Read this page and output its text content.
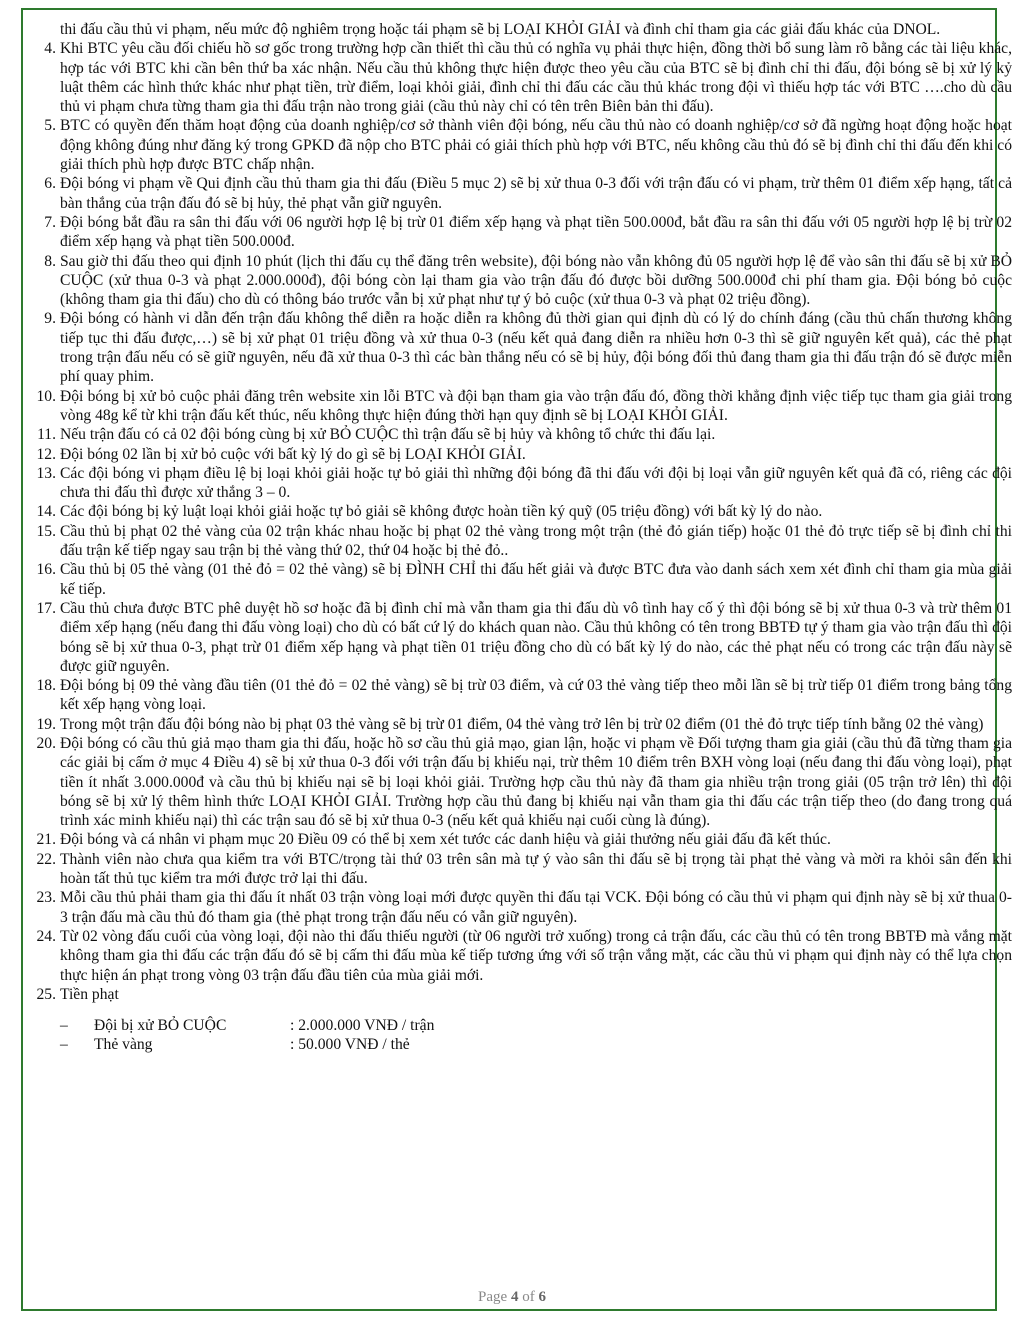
thi đấu cầu thủ vi phạm, nếu mức độ nghiêm trọng hoặc tái phạm sẽ bị LOẠI KHỎI GIẢI và đình chỉ tham gia các giải đấu khác của DNOL.
4. Khi BTC yêu cầu đối chiếu hồ sơ gốc trong trường hợp cần thiết thì cầu thủ có nghĩa vụ phải thực hiện, đồng thời bổ sung làm rõ bằng các tài liệu khác, hợp tác với BTC khi cần bên thứ ba xác nhận. Nếu cầu thủ không thực hiện được theo yêu cầu của BTC sẽ bị đình chỉ thi đấu, đội bóng sẽ bị xử lý kỷ luật thêm các hình thức khác như phạt tiền, trừ điểm, loại khỏi giải, đình chỉ thi đấu các cầu thủ khác trong đội vì thiếu hợp tác với BTC ….cho dù cầu thủ vi phạm chưa từng tham gia thi đấu trận nào trong giải (cầu thủ này chỉ có tên trên Biên bản thi đấu).
5. BTC có quyền đến thăm hoạt động của doanh nghiệp/cơ sở thành viên đội bóng, nếu cầu thủ nào có doanh nghiệp/cơ sở đã ngừng hoạt động hoặc hoạt động không đúng như đăng ký trong GPKD đã nộp cho BTC phải có giải thích phù hợp với BTC, nếu không cầu thủ đó sẽ bị đình chỉ thi đấu đến khi có giải thích phù hợp được BTC chấp nhận.
6. Đội bóng vi phạm về Qui định cầu thủ tham gia thi đấu (Điều 5 mục 2) sẽ bị xử thua 0-3 đối với trận đấu có vi phạm, trừ thêm 01 điểm xếp hạng, tất cả bàn thắng của trận đấu đó sẽ bị hủy, thẻ phạt vẫn giữ nguyên.
7. Đội bóng bắt đầu ra sân thi đấu với 06 người hợp lệ bị trừ 01 điểm xếp hạng và phạt tiền 500.000đ, bắt đầu ra sân thi đấu với 05 người hợp lệ bị trừ 02 điểm xếp hạng và phạt tiền 500.000đ.
8. Sau giờ thi đấu theo qui định 10 phút (lịch thi đấu cụ thể đăng trên website), đội bóng nào vẫn không đủ 05 người hợp lệ để vào sân thi đấu sẽ bị xử BỎ CUỘC (xử thua 0-3 và phạt 2.000.000đ), đội bóng còn lại tham gia vào trận đấu đó được bồi dưỡng 500.000đ chi phí tham gia. Đội bóng bỏ cuộc (không tham gia thi đấu) cho dù có thông báo trước vẫn bị xử phạt như tự ý bỏ cuộc (xử thua 0-3 và phạt 02 triệu đồng).
9. Đội bóng có hành vi dẫn đến trận đấu không thể diễn ra hoặc diễn ra không đủ thời gian qui định dù có lý do chính đáng (cầu thủ chấn thương không tiếp tục thi đấu được,…) sẽ bị xử phạt 01 triệu đồng và xử thua 0-3 (nếu kết quả đang diễn ra nhiều hơn 0-3 thì sẽ giữ nguyên kết quả), các thẻ phạt trong trận đấu nếu có sẽ giữ nguyên, nếu đã xử thua 0-3 thì các bàn thắng nếu có sẽ bị hủy, đội bóng đối thủ đang tham gia thi đấu trận đó sẽ được miễn phí quay phim.
10. Đội bóng bị xử bỏ cuộc phải đăng trên website xin lỗi BTC và đội bạn tham gia vào trận đấu đó, đồng thời khẳng định việc tiếp tục tham gia giải trong vòng 48g kể từ khi trận đấu kết thúc, nếu không thực hiện đúng thời hạn quy định sẽ bị LOẠI KHỎI GIẢI.
11. Nếu trận đấu có cả 02 đội bóng cùng bị xử BỎ CUỘC thì trận đấu sẽ bị hủy và không tổ chức thi đấu lại.
12. Đội bóng 02 lần bị xử bỏ cuộc với bất kỳ lý do gì sẽ bị LOẠI KHỎI GIẢI.
13. Các đội bóng vi phạm điều lệ bị loại khỏi giải hoặc tự bỏ giải thì những đội bóng đã thi đấu với đội bị loại vẫn giữ nguyên kết quả đã có, riêng các đội chưa thi đấu thì được xử thắng 3 – 0.
14. Các đội bóng bị kỷ luật loại khỏi giải hoặc tự bỏ giải sẽ không được hoàn tiền ký quỹ (05 triệu đồng) với bất kỳ lý do nào.
15. Cầu thủ bị phạt 02 thẻ vàng của 02 trận khác nhau hoặc bị phạt 02 thẻ vàng trong một trận (thẻ đỏ gián tiếp) hoặc 01 thẻ đỏ trực tiếp sẽ bị đình chỉ thi đấu trận kế tiếp ngay sau trận bị thẻ vàng thứ 02, thứ 04 hoặc bị thẻ đỏ..
16. Cầu thủ bị 05 thẻ vàng (01 thẻ đỏ = 02 thẻ vàng) sẽ bị ĐÌNH CHỈ thi đấu hết giải và được BTC đưa vào danh sách xem xét đình chỉ tham gia mùa giải kế tiếp.
17. Cầu thủ chưa được BTC phê duyệt hồ sơ hoặc đã bị đình chỉ mà vẫn tham gia thi đấu dù vô tình hay cố ý thì đội bóng sẽ bị xử thua 0-3 và trừ thêm 01 điểm xếp hạng (nếu đang thi đấu vòng loại) cho dù có bất cứ lý do khách quan nào. Cầu thủ không có tên trong BBTĐ tự ý tham gia vào trận đấu thì đội bóng sẽ bị xử thua 0-3, phạt trừ 01 điểm xếp hạng và phạt tiền 01 triệu đồng cho dù có bất kỳ lý do nào, các thẻ phạt nếu có trong các trận đấu này sẽ được giữ nguyên.
18. Đội bóng bị 09 thẻ vàng đầu tiên (01 thẻ đỏ = 02 thẻ vàng) sẽ bị trừ 03 điểm, và cứ 03 thẻ vàng tiếp theo mỗi lần sẽ bị trừ tiếp 01 điểm trong bảng tổng kết xếp hạng vòng loại.
19. Trong một trận đấu đội bóng nào bị phạt 03 thẻ vàng sẽ bị trừ 01 điểm, 04 thẻ vàng trở lên bị trừ 02 điểm (01 thẻ đỏ trực tiếp tính bằng 02 thẻ vàng)
20. Đội bóng có cầu thủ giả mạo tham gia thi đấu, hoặc hồ sơ cầu thủ giả mạo, gian lận, hoặc vi phạm về Đối tượng tham gia giải (cầu thủ đã từng tham gia các giải bị cấm ở mục 4 Điều 4) sẽ bị xử thua 0-3 đối với trận đấu bị khiếu nại, trừ thêm 10 điểm trên BXH vòng loại (nếu đang thi đấu vòng loại), phạt tiền ít nhất 3.000.000đ và cầu thủ bị khiếu nại sẽ bị loại khỏi giải. Trường hợp cầu thủ này đã tham gia nhiều trận trong giải (05 trận trở lên) thì đội bóng sẽ bị xử lý thêm hình thức LOẠI KHỎI GIẢI. Trường hợp cầu thủ đang bị khiếu nại vẫn tham gia thi đấu các trận tiếp theo (do đang trong quá trình xác minh khiếu nại) thì các trận sau đó sẽ bị xử thua 0-3 (nếu kết quả khiếu nại cuối cùng là đúng).
21. Đội bóng và cá nhân vi phạm mục 20 Điều 09 có thể bị xem xét tước các danh hiệu và giải thưởng nếu giải đấu đã kết thúc.
22. Thành viên nào chưa qua kiểm tra với BTC/trọng tài thứ 03 trên sân mà tự ý vào sân thi đấu sẽ bị trọng tài phạt thẻ vàng và mời ra khỏi sân đến khi hoàn tất thủ tục kiểm tra mới được trở lại thi đấu.
23. Mỗi cầu thủ phải tham gia thi đấu ít nhất 03 trận vòng loại mới được quyền thi đấu tại VCK. Đội bóng có cầu thủ vi phạm qui định này sẽ bị xử thua 0-3 trận đấu mà cầu thủ đó tham gia (thẻ phạt trong trận đấu nếu có vẫn giữ nguyên).
24. Từ 02 vòng đấu cuối của vòng loại, đội nào thi đấu thiếu người (từ 06 người trở xuống) trong cả trận đấu, các cầu thủ có tên trong BBTĐ mà vắng mặt không tham gia thi đấu các trận đấu đó sẽ bị cấm thi đấu mùa kế tiếp tương ứng với số trận vắng mặt, các cầu thủ vi phạm qui định này có thể lựa chọn thực hiện án phạt trong vòng 03 trận đấu đầu tiên của mùa giải mới.
25. Tiền phạt
–	Đội bị xử BỎ CUỘC	: 2.000.000 VNĐ / trận
–	Thẻ vàng	: 50.000 VNĐ / thẻ
Page 4 of 6
